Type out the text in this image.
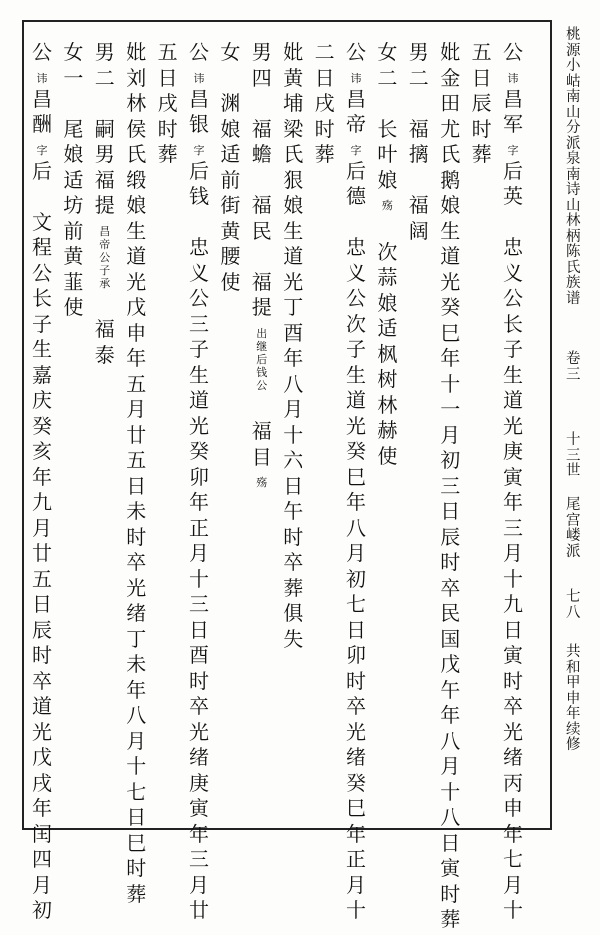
桃
源
小
岵
南
山
分
派
泉
南
诗
山
林
柄
陈
氏
族
谱
卷
三
十
三
世
尾
宫
嵝
派
七
八
共
和
甲
申
年
续
修
公
讳
昌
军
字
后
英

忠
义
公
长
子
生
道
光
庚
寅
年
三
月
十
九
日
寅
时
卒
光
绪
丙
申
年
七
月
十
五
日
辰
时
葬
妣
金
田
尤
氏
鹅
娘
生
道
光
癸
巳
年
十
一
月
初
三
日
辰
时
卒
民
国
戊
午
年
八
月
十
八
日
寅
时
葬
男
二

福
摛

福
阔
女
二

长
叶
娘
殇

次
蒜
娘
适
枫
树
林
赫
使
公
讳
昌
帝
字
后
德

忠
义
公
次
子
生
道
光
癸
巳
年
八
月
初
七
日
卯
时
卒
光
绪
癸
巳
年
正
月
十
二
日
戌
时
葬
妣
黄
埔
梁
氏
狠
娘
生
道
光
丁
酉
年
八
月
十
六
日
午
时
卒
葬
俱
失
男
四

福
蟾

福
民

福
提
出
继
后
钱
公

福
目
殇
女

渊
娘
适
前
街
黄
腰
使
公
讳
昌
银
字
后
钱

忠
义
公
三
子
生
道
光
癸
卯
年
正
月
十
三
日
酉
时
卒
光
绪
庚
寅
年
三
月
廿
五
日
戌
时
葬
妣
刘
林
侯
氏
缎
娘
生
道
光
戊
申
年
五
月
廿
五
日
未
时
卒
光
绪
丁
未
年
八
月
十
七
日
巳
时
葬
男
二

嗣
男
福
提
昌
帝
公
子
承

福
泰
女
一

尾
娘
适
坊
前
黄
韮
使
公
讳
昌
酬
字
后

文
程
公
长
子
生
嘉
庆
癸
亥
年
九
月
廿
五
日
辰
时
卒
道
光
戊
戌
年
闰
四
月
初
